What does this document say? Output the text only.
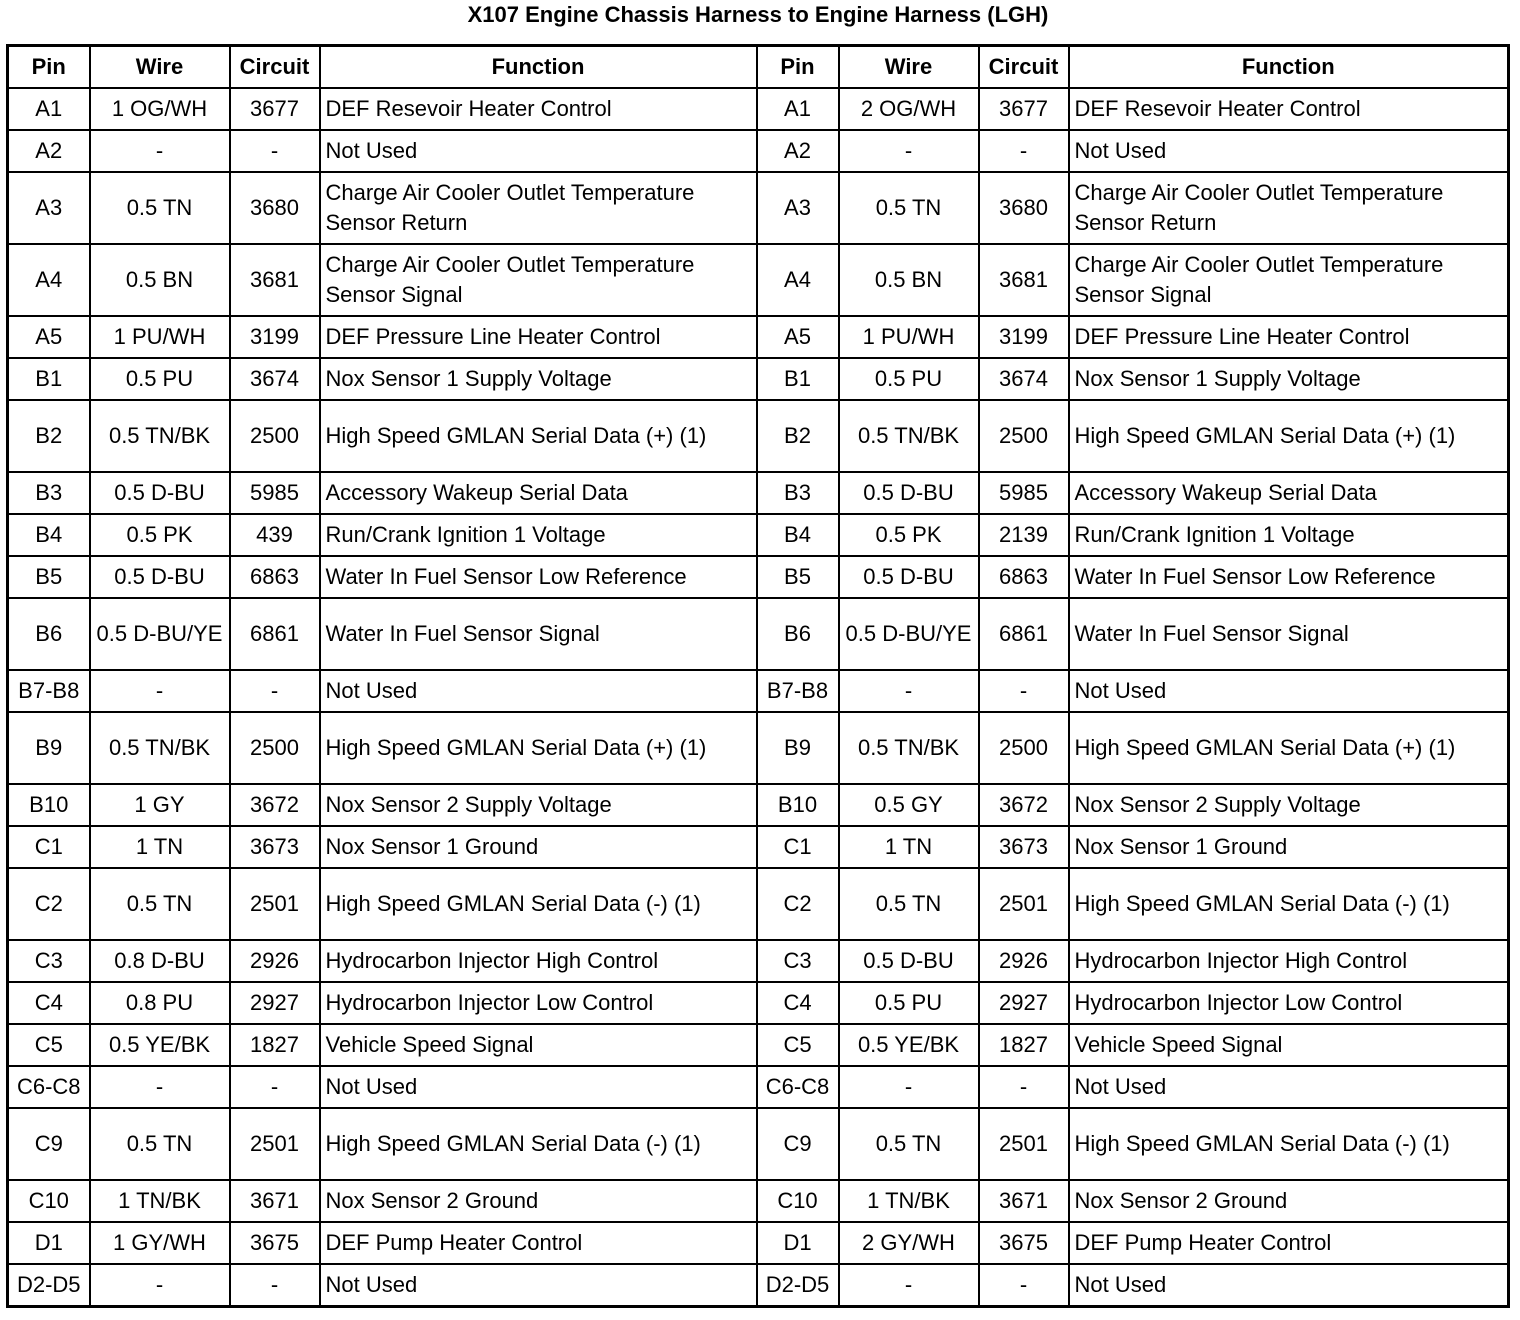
X107 Engine Chassis Harness to Engine Harness (LGH)
Pin	Wire	Circuit	Function	Pin	Wire	Circuit	Function
A1	1 OG/WH	3677	DEF Resevoir Heater Control	A1	2 OG/WH	3677	DEF Resevoir Heater Control
A2	-	-	Not Used	A2	-	-	Not Used
A3	0.5 TN	3680	Charge Air Cooler Outlet Temperature Sensor Return	A3	0.5 TN	3680	Charge Air Cooler Outlet Temperature Sensor Return
A4	0.5 BN	3681	Charge Air Cooler Outlet Temperature Sensor Signal	A4	0.5 BN	3681	Charge Air Cooler Outlet Temperature Sensor Signal
A5	1 PU/WH	3199	DEF Pressure Line Heater Control	A5	1 PU/WH	3199	DEF Pressure Line Heater Control
B1	0.5 PU	3674	Nox Sensor 1 Supply Voltage	B1	0.5 PU	3674	Nox Sensor 1 Supply Voltage
B2	0.5 TN/BK	2500	High Speed GMLAN Serial Data (+) (1)	B2	0.5 TN/BK	2500	High Speed GMLAN Serial Data (+) (1)
B3	0.5 D-BU	5985	Accessory Wakeup Serial Data	B3	0.5 D-BU	5985	Accessory Wakeup Serial Data
B4	0.5 PK	439	Run/Crank Ignition 1 Voltage	B4	0.5 PK	2139	Run/Crank Ignition 1 Voltage
B5	0.5 D-BU	6863	Water In Fuel Sensor Low Reference	B5	0.5 D-BU	6863	Water In Fuel Sensor Low Reference
B6	0.5 D-BU/YE	6861	Water In Fuel Sensor Signal	B6	0.5 D-BU/YE	6861	Water In Fuel Sensor Signal
B7-B8	-	-	Not Used	B7-B8	-	-	Not Used
B9	0.5 TN/BK	2500	High Speed GMLAN Serial Data (+) (1)	B9	0.5 TN/BK	2500	High Speed GMLAN Serial Data (+) (1)
B10	1 GY	3672	Nox Sensor 2 Supply Voltage	B10	0.5 GY	3672	Nox Sensor 2 Supply Voltage
C1	1 TN	3673	Nox Sensor 1 Ground	C1	1 TN	3673	Nox Sensor 1 Ground
C2	0.5 TN	2501	High Speed GMLAN Serial Data (-) (1)	C2	0.5 TN	2501	High Speed GMLAN Serial Data (-) (1)
C3	0.8 D-BU	2926	Hydrocarbon Injector High Control	C3	0.5 D-BU	2926	Hydrocarbon Injector High Control
C4	0.8 PU	2927	Hydrocarbon Injector Low Control	C4	0.5 PU	2927	Hydrocarbon Injector Low Control
C5	0.5 YE/BK	1827	Vehicle Speed Signal	C5	0.5 YE/BK	1827	Vehicle Speed Signal
C6-C8	-	-	Not Used	C6-C8	-	-	Not Used
C9	0.5 TN	2501	High Speed GMLAN Serial Data (-) (1)	C9	0.5 TN	2501	High Speed GMLAN Serial Data (-) (1)
C10	1 TN/BK	3671	Nox Sensor 2 Ground	C10	1 TN/BK	3671	Nox Sensor 2 Ground
D1	1 GY/WH	3675	DEF Pump Heater Control	D1	2 GY/WH	3675	DEF Pump Heater Control
D2-D5	-	-	Not Used	D2-D5	-	-	Not Used
